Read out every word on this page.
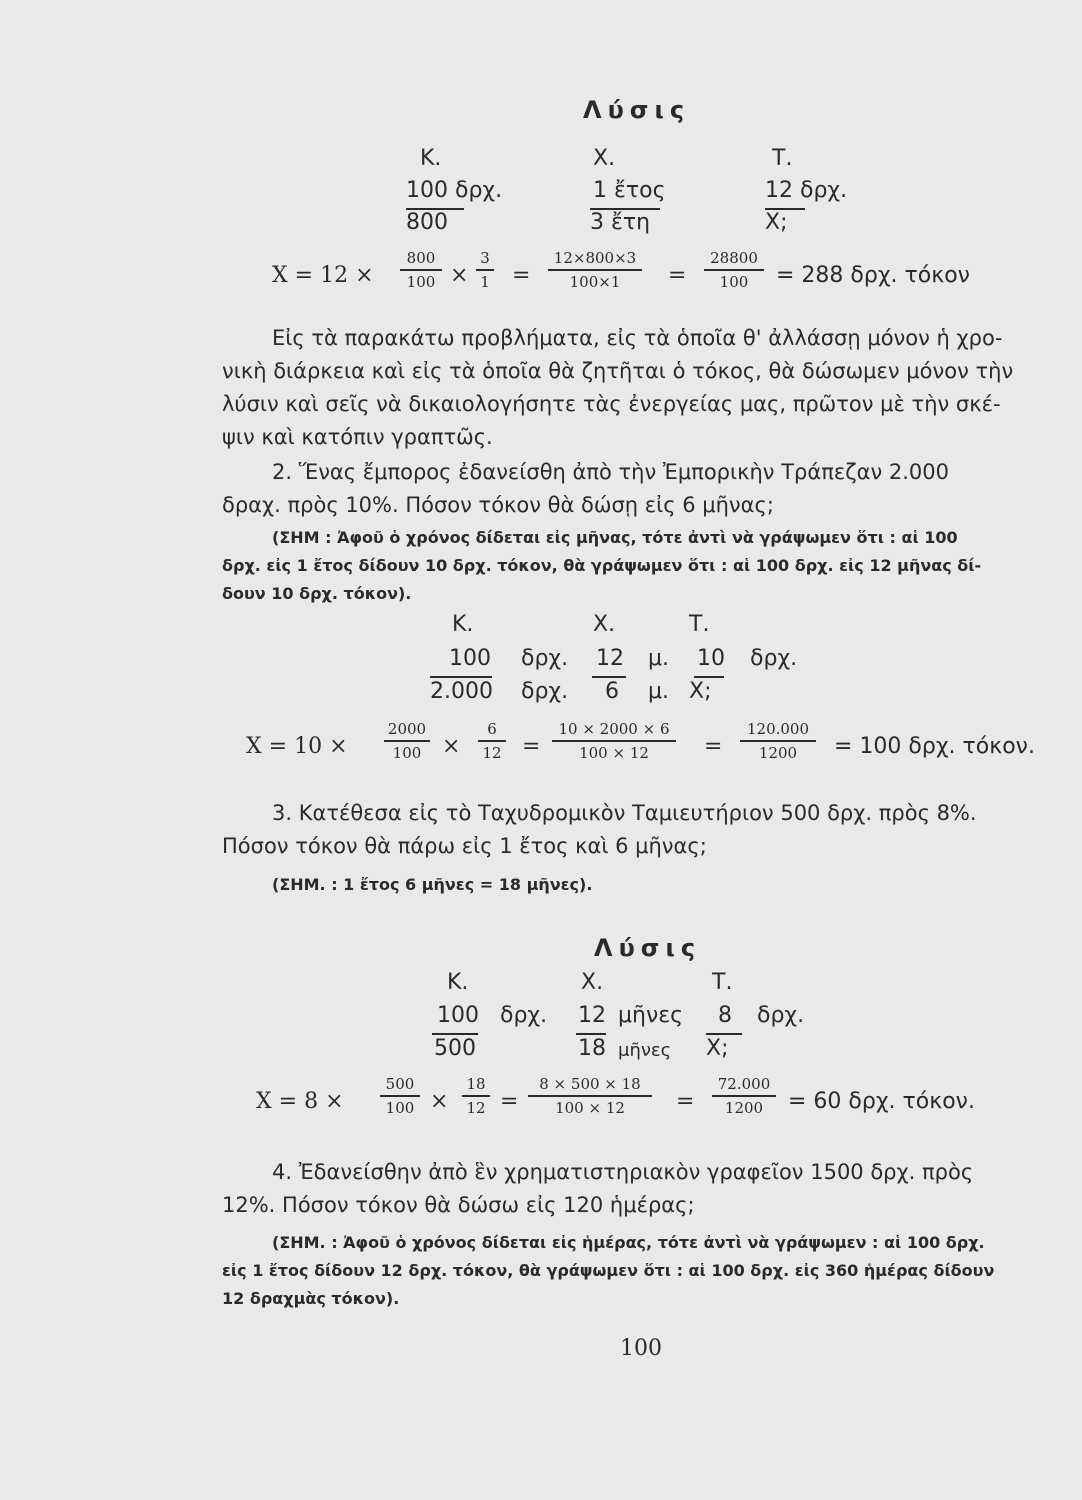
Λύσις
Κ.	Χ.	Τ.
100 δρχ.	1 ἔτος	12 δρχ.
800	3 ἔτη	Χ;
Χ = 12 ×
800
100 ×
3
1 =
12×800×3
100×1	=
28800
100	= 288 δρχ. τόκον
Εἰς τὰ παρακάτω προβλήματα, εἰς τὰ ὁποῖα θ' ἀλλάσσῃ μόνον ἡ χρο-
νικὴ διάρκεια καὶ εἰς τὰ ὁποῖα θὰ ζητῆται ὁ τόκος, θὰ δώσωμεν μόνον τὴν
λύσιν καὶ σεῖς νὰ δικαιολογήσητε τὰς ἐνεργείας μας, πρῶτον μὲ τὴν σκέ-
ψιν καὶ κατόπιν γραπτῶς.
2. Ἕνας ἔμπορος ἐδανείσθη ἀπὸ τὴν Ἐμπορικὴν Τράπεζαν 2.000
δραχ. πρὸς 10%. Πόσον τόκον θὰ δώσῃ εἰς 6 μῆνας;
(ΣΗΜ : Ἀφοῦ ὁ χρόνος δίδεται εἰς μῆνας, τότε ἀντὶ νὰ γράψωμεν ὅτι : αἱ 100
δρχ. εἰς 1 ἔτος δίδουν 10 δρχ. τόκον, θὰ γράψωμεν ὅτι : αἱ 100 δρχ. εἰς 12 μῆνας δί-
δουν 10 δρχ. τόκον).
Κ.	Χ.	Τ.
100 δρχ. 12 μ. 10 δρχ.
2.000 δρχ. 6 μ. Χ;
Χ = 10 ×
2000
100 ×
6
12 =
10 × 2000 × 6
100 × 12	=
120.000
1200	= 100 δρχ. τόκον.
3. Κατέθεσα εἰς τὸ Ταχυδρομικὸν Ταμιευτήριον 500 δρχ. πρὸς 8%.
Πόσον τόκον θὰ πάρω εἰς 1 ἔτος καὶ 6 μῆνας;
(ΣΗΜ. : 1 ἔτος 6 μῆνες = 18 μῆνες).
Λύσις
Κ.	Χ.	Τ.
100 δρχ. 12 μῆνες 8 δρχ.
500	18 μῆνες Χ;
Χ = 8 ×
500
100 ×
18
12 =
8 × 500 × 18
100 × 12	=
72.000
1200	= 60 δρχ. τόκον.
4. Ἐδανείσθην ἀπὸ ἓν χρηματιστηριακὸν γραφεῖον 1500 δρχ. πρὸς
12%. Πόσον τόκον θὰ δώσω εἰς 120 ἡμέρας;
(ΣΗΜ. : Ἀφοῦ ὁ χρόνος δίδεται εἰς ἡμέρας, τότε ἀντὶ νὰ γράψωμεν : αἱ 100 δρχ.
εἰς 1 ἔτος δίδουν 12 δρχ. τόκον, θὰ γράψωμεν ὅτι : αἱ 100 δρχ. εἰς 360 ἡμέρας δίδουν
12 δραχμὰς τόκον).
100
